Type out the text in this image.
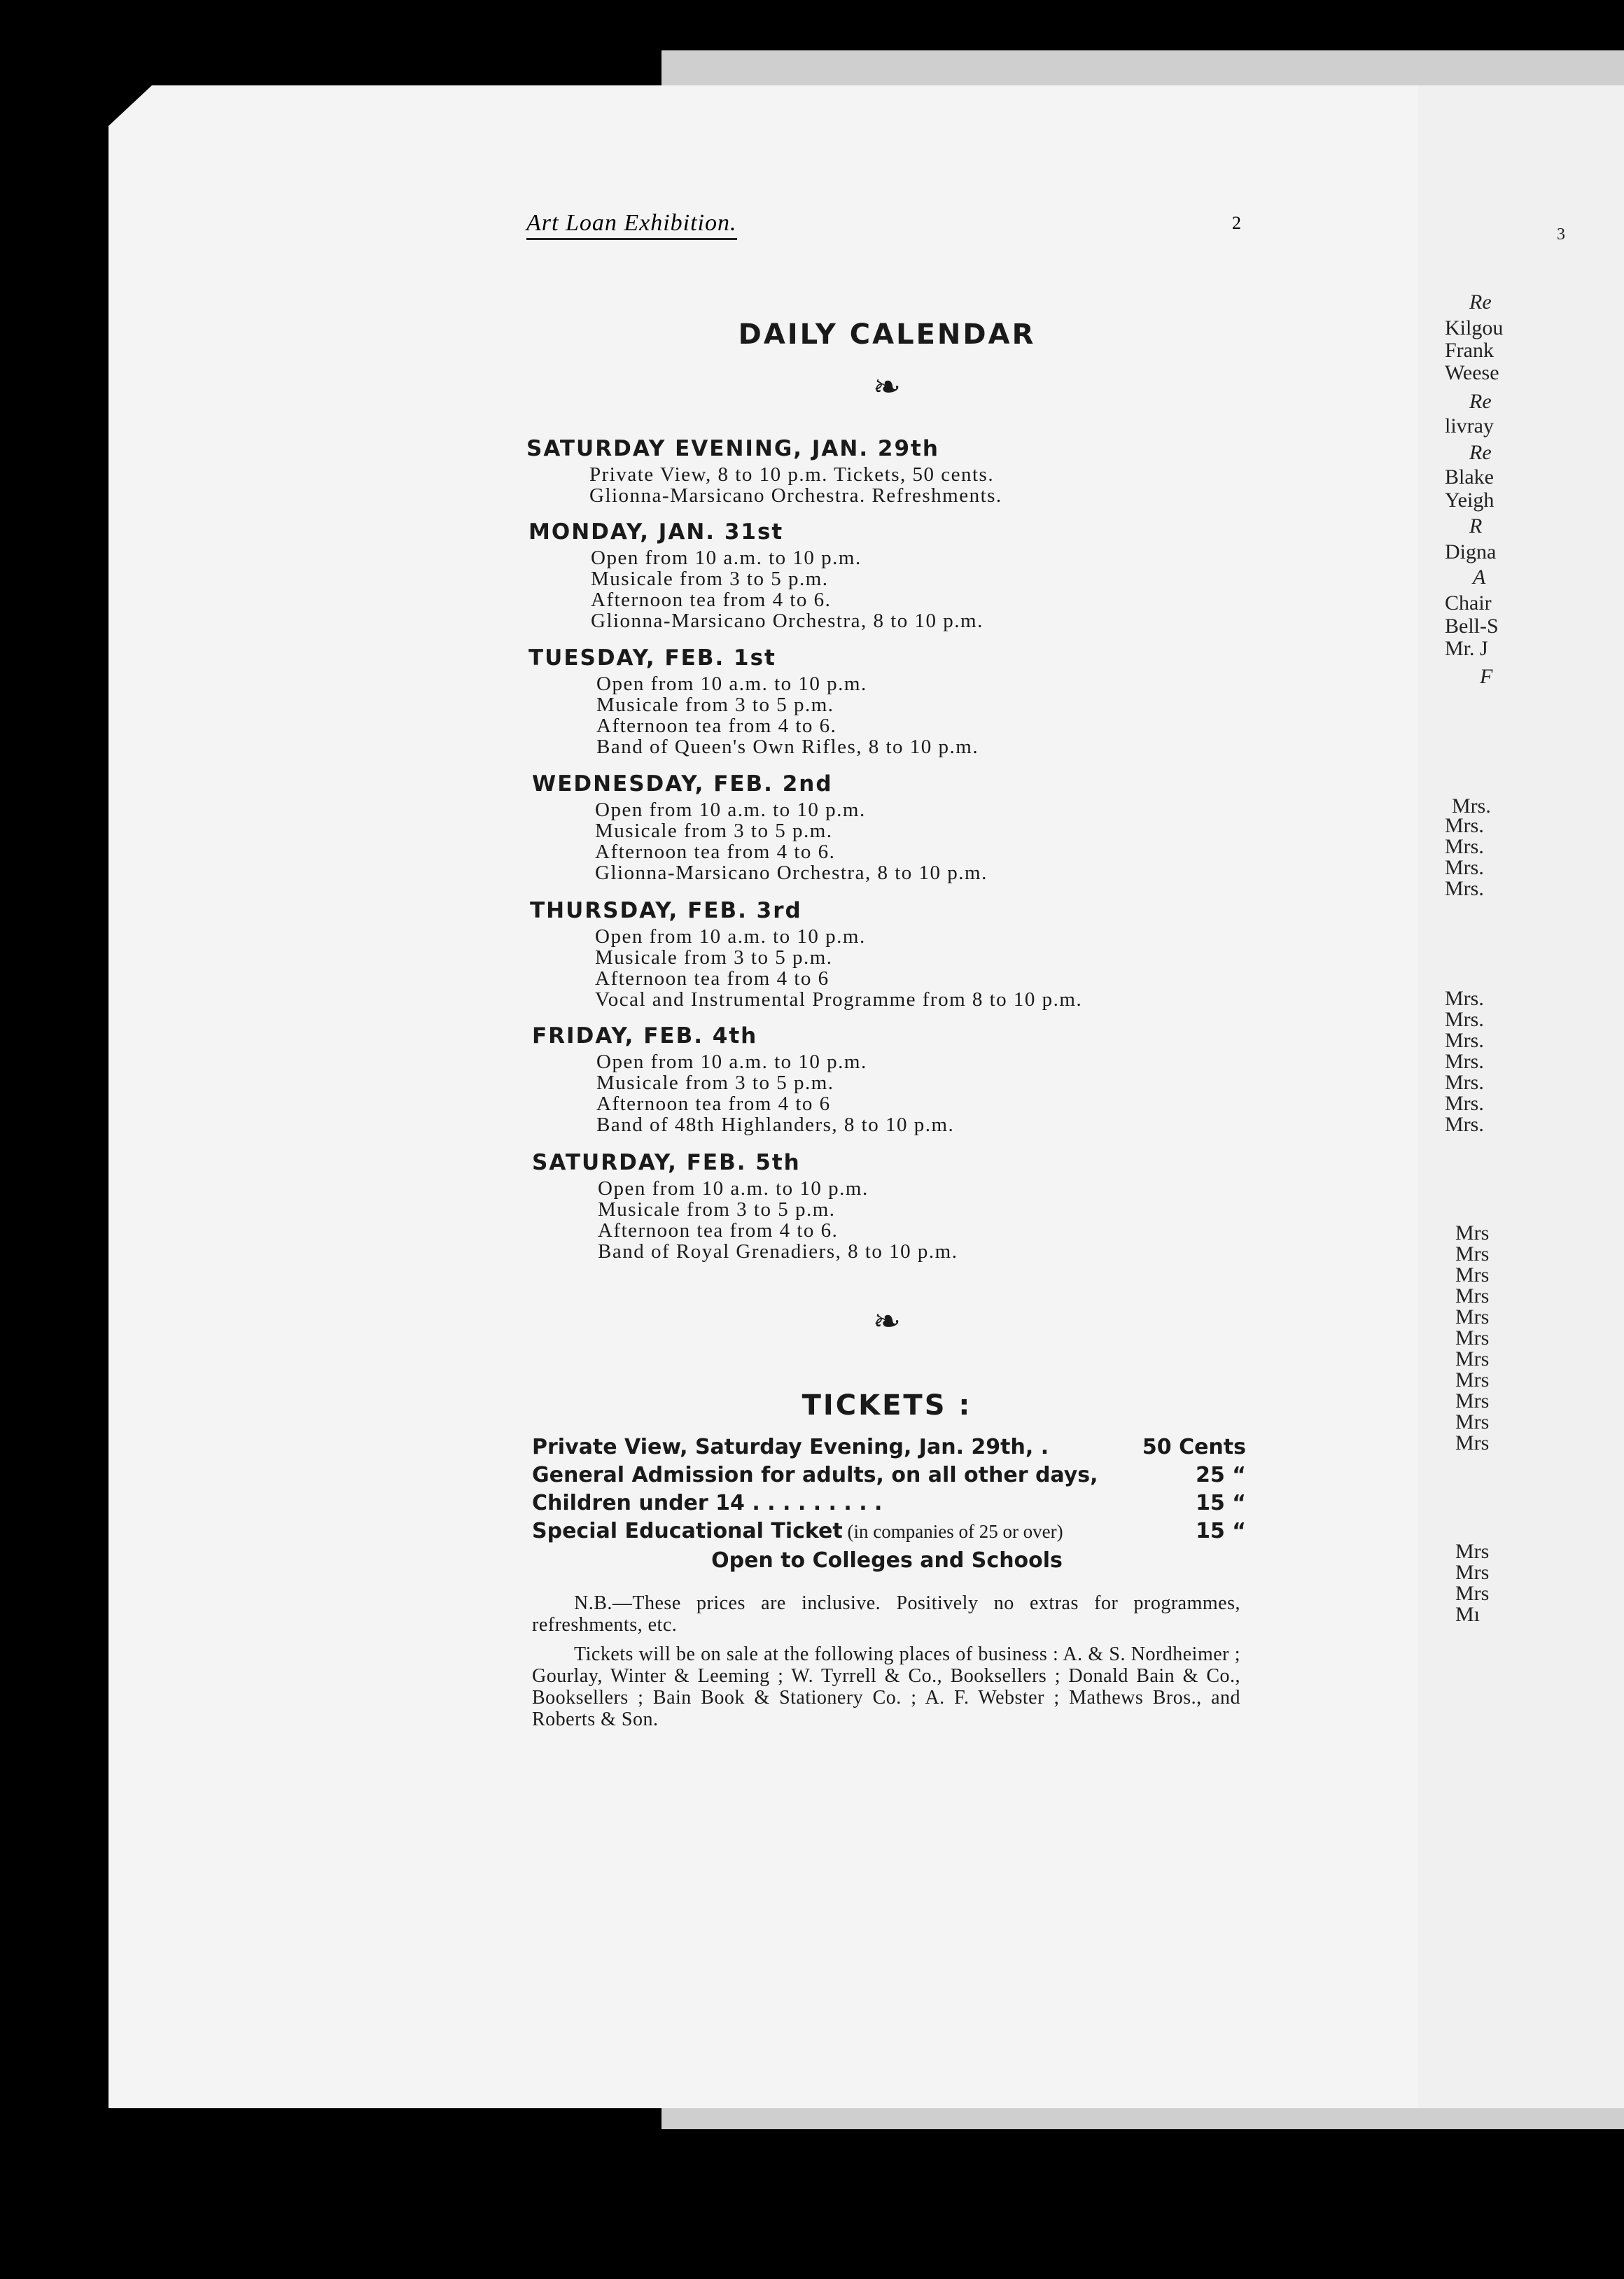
3
Re
Kilgou
Frank
Weese
Re
livray
Re
Blake
Yeigh
R
Digna
A
Chair
Bell-S
Mr. J
F
Mrs.
Mrs.
Mrs.
Mrs.
Mrs.
Mrs.
Mrs.
Mrs.
Mrs.
Mrs.
Mrs.
Mrs.
Mrs
Mrs
Mrs
Mrs
Mrs
Mrs
Mrs
Mrs
Mrs
Mrs
Mrs
Mrs
Mrs
Mrs
Mı
Art Loan Exhibition.	2
DAILY CALENDAR
❧
SATURDAY EVENING, JAN. 29th
Private View, 8 to 10 p.m. Tickets, 50 cents.
Glionna-Marsicano Orchestra. Refreshments.
MONDAY, JAN. 31st
Open from 10 a.m. to 10 p.m.
Musicale from 3 to 5 p.m.
Afternoon tea from 4 to 6.
Glionna-Marsicano Orchestra, 8 to 10 p.m.
TUESDAY, FEB. 1st
Open from 10 a.m. to 10 p.m.
Musicale from 3 to 5 p.m.
Afternoon tea from 4 to 6.
Band of Queen's Own Rifles, 8 to 10 p.m.
WEDNESDAY, FEB. 2nd
Open from 10 a.m. to 10 p.m.
Musicale from 3 to 5 p.m.
Afternoon tea from 4 to 6.
Glionna-Marsicano Orchestra, 8 to 10 p.m.
THURSDAY, FEB. 3rd
Open from 10 a.m. to 10 p.m.
Musicale from 3 to 5 p.m.
Afternoon tea from 4 to 6
Vocal and Instrumental Programme from 8 to 10 p.m.
FRIDAY, FEB. 4th
Open from 10 a.m. to 10 p.m.
Musicale from 3 to 5 p.m.
Afternoon tea from 4 to 6
Band of 48th Highlanders, 8 to 10 p.m.
SATURDAY, FEB. 5th
Open from 10 a.m. to 10 p.m.
Musicale from 3 to 5 p.m.
Afternoon tea from 4 to 6.
Band of Royal Grenadiers, 8 to 10 p.m.
❧
TICKETS :
Private View, Saturday Evening, Jan. 29th, .	50 Cents
General Admission for adults, on all other days,	25 “
Children under 14 . . . . . . . . .	15 “
Special Educational Ticket (in companies of 25 or over)	15 “
Open to Colleges and Schools
N.B.—These prices are inclusive. Positively no extras for programmes, refreshments, etc.
Tickets will be on sale at the following places of business : A. & S. Nordheimer ; Gourlay, Winter & Leeming ; W. Tyrrell & Co., Booksellers ; Donald Bain & Co., Booksellers ; Bain Book & Stationery Co. ; A. F. Webster ; Mathews Bros., and Roberts & Son.
